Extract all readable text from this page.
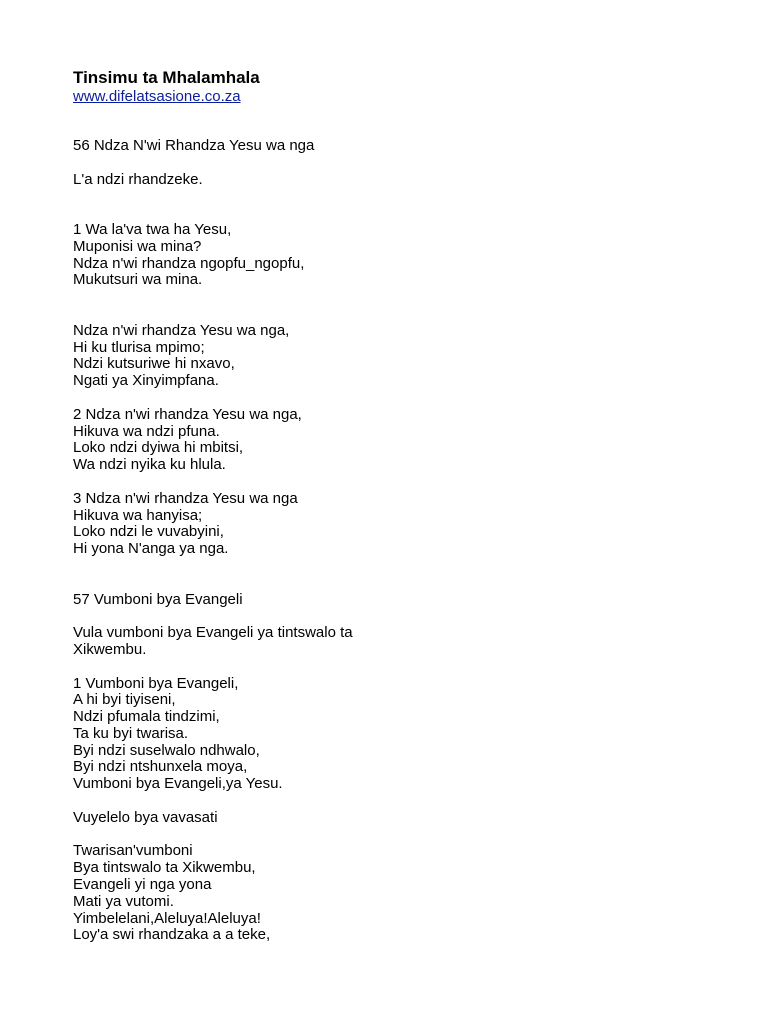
Tinsimu ta Mhalamhala
www.difelatsasione.co.za
56 Ndza N'wi Rhandza Yesu wa nga
L'a ndzi rhandzeke.
1 Wa la'va twa ha Yesu,
Muponisi wa mina?
Ndza n'wi rhandza ngopfu_ngopfu,
Mukutsuri wa mina.
Ndza n'wi rhandza Yesu wa nga,
Hi ku tlurisa mpimo;
Ndzi kutsuriwe hi nxavo,
Ngati ya Xinyimpfana.
2 Ndza n'wi rhandza Yesu wa nga,
Hikuva wa ndzi pfuna.
Loko ndzi dyiwa hi mbitsi,
Wa ndzi nyika ku hlula.
3 Ndza n'wi rhandza Yesu wa nga
Hikuva wa hanyisa;
Loko ndzi le vuvabyini,
Hi yona N'anga ya nga.
57 Vumboni bya Evangeli
Vula vumboni bya Evangeli ya tintswalo ta
Xikwembu.
1 Vumboni bya Evangeli,
A hi byi tiyiseni,
Ndzi pfumala tindzimi,
Ta ku byi twarisa.
Byi ndzi suselwalo ndhwalo,
Byi ndzi ntshunxela moya,
Vumboni bya Evangeli,ya Yesu.
Vuyelelo bya vavasati
Twarisan'vumboni
Bya tintswalo ta Xikwembu,
Evangeli yi nga yona
Mati ya vutomi.
Yimbelelani,Aleluya!Aleluya!
Loy'a swi rhandzaka a a teke,
